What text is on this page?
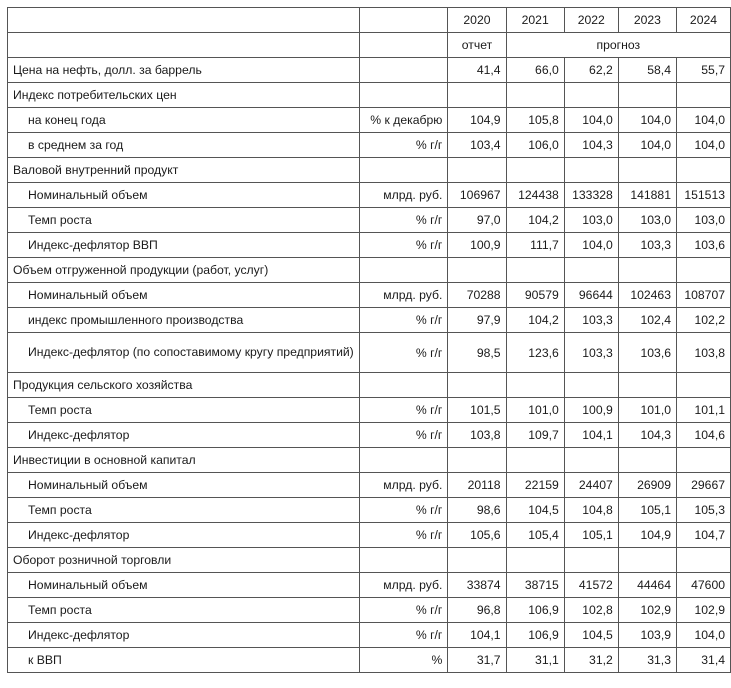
		2020	2021	2022	2023	2024
		отчет	прогноз			
Цена на нефть, долл. за баррель		41,4	66,0	62,2	58,4	55,7
Индекс потребительских цен						
на конец года	% к декабрю	104,9	105,8	104,0	104,0	104,0
в среднем за год	% г/г	103,4	106,0	104,3	104,0	104,0
Валовой внутренний продукт						
Номинальный объем	млрд. руб.	106967	124438	133328	141881	151513
Темп роста	% г/г	97,0	104,2	103,0	103,0	103,0
Индекс-дефлятор ВВП	% г/г	100,9	111,7	104,0	103,3	103,6
Объем отгруженной продукции (работ, услуг)						
Номинальный объем	млрд. руб.	70288	90579	96644	102463	108707
индекс промышленного производства	% г/г	97,9	104,2	103,3	102,4	102,2
Индекс-дефлятор (по сопоставимому кругу предприятий)	% г/г	98,5	123,6	103,3	103,6	103,8
Продукция сельского хозяйства						
Темп роста	% г/г	101,5	101,0	100,9	101,0	101,1
Индекс-дефлятор	% г/г	103,8	109,7	104,1	104,3	104,6
Инвестиции в основной капитал						
Номинальный объем	млрд. руб.	20118	22159	24407	26909	29667
Темп роста	% г/г	98,6	104,5	104,8	105,1	105,3
Индекс-дефлятор	% г/г	105,6	105,4	105,1	104,9	104,7
Оборот розничной торговли						
Номинальный объем	млрд. руб.	33874	38715	41572	44464	47600
Темп роста	% г/г	96,8	106,9	102,8	102,9	102,9
Индекс-дефлятор	% г/г	104,1	106,9	104,5	103,9	104,0
к ВВП	%	31,7	31,1	31,2	31,3	31,4
